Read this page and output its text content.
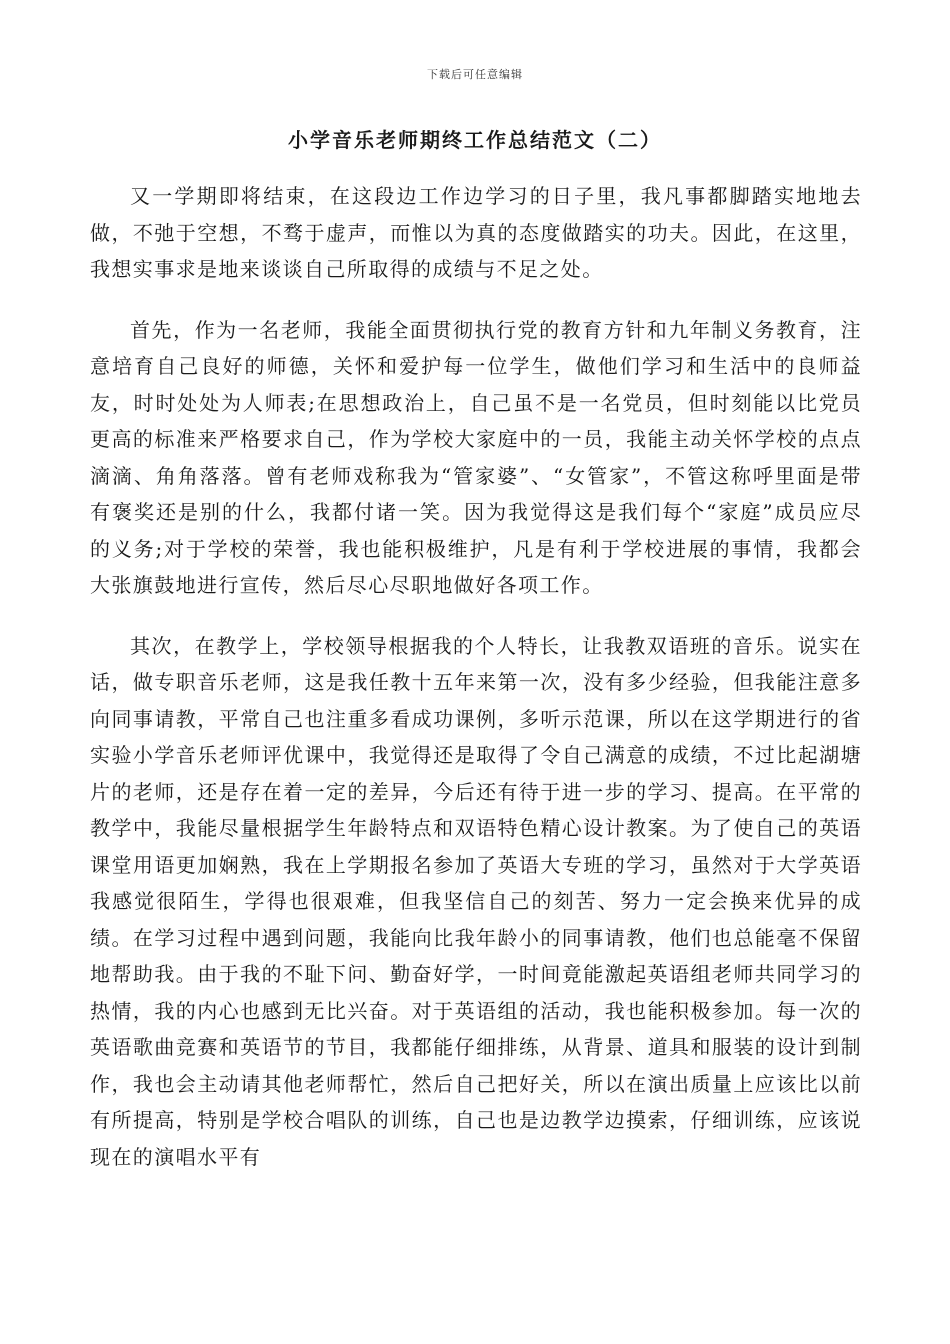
下载后可任意编辑
小学音乐老师期终工作总结范文（二）

又一学期即将结束，在这段边工作边学习的日子里，我凡事都脚踏实地地去做，不弛于空想，不骛于虚声，而惟以为真的态度做踏实的功夫。因此，在这里，我想实事求是地来谈谈自己所取得的成绩与不足之处。

首先，作为一名老师，我能全面贯彻执行党的教育方针和九年制义务教育，注意培育自己良好的师德，关怀和爱护每一位学生，做他们学习和生活中的良师益友，时时处处为人师表;在思想政治上，自己虽不是一名党员，但时刻能以比党员更高的标准来严格要求自己，作为学校大家庭中的一员，我能主动关怀学校的点点滴滴、角角落落。曾有老师戏称我为“管家婆”、“女管家”，不管这称呼里面是带有褒奖还是别的什么，我都付诸一笑。因为我觉得这是我们每个“家庭”成员应尽的义务;对于学校的荣誉，我也能积极维护，凡是有利于学校进展的事情，我都会大张旗鼓地进行宣传，然后尽心尽职地做好各项工作。

其次，在教学上，学校领导根据我的个人特长，让我教双语班的音乐。说实在话，做专职音乐老师，这是我任教十五年来第一次，没有多少经验，但我能注意多向同事请教，平常自己也注重多看成功课例，多听示范课，所以在这学期进行的省实验小学音乐老师评优课中，我觉得还是取得了令自己满意的成绩，不过比起湖塘片的老师，还是存在着一定的差异，今后还有待于进一步的学习、提高。在平常的教学中，我能尽量根据学生年龄特点和双语特色精心设计教案。为了使自己的英语课堂用语更加娴熟，我在上学期报名参加了英语大专班的学习，虽然对于大学英语我感觉很陌生，学得也很艰难，但我坚信自己的刻苦、努力一定会换来优异的成绩。在学习过程中遇到问题，我能向比我年龄小的同事请教，他们也总能毫不保留地帮助我。由于我的不耻下问、勤奋好学，一时间竟能激起英语组老师共同学习的热情，我的内心也感到无比兴奋。对于英语组的活动，我也能积极参加。每一次的英语歌曲竞赛和英语节的节目，我都能仔细排练，从背景、道具和服装的设计到制作，我也会主动请其他老师帮忙，然后自己把好关，所以在演出质量上应该比以前有所提高，特别是学校合唱队的训练，自己也是边教学边摸索，仔细训练，应该说现在的演唱水平有
